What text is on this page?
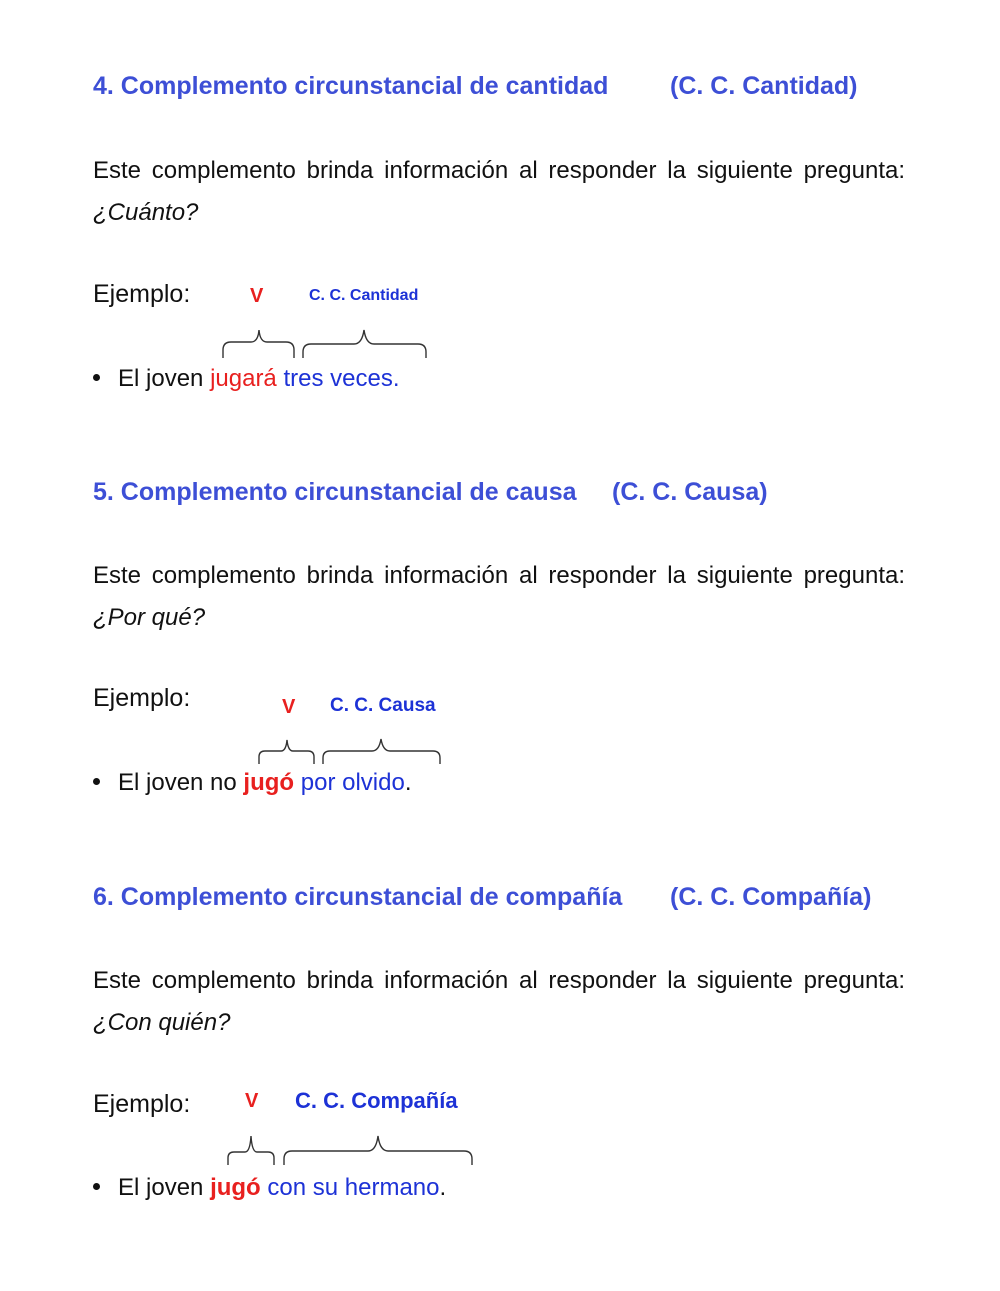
4. Complemento circunstancial de cantidad (C. C. Cantidad)
Este complemento brinda información al responder la siguiente pregunta: ¿Cuánto?
Ejemplo:	V	C. C. Cantidad
El joven jugará tres veces.
5. Complemento circunstancial de causa (C. C. Causa)
Este complemento brinda información al responder la siguiente pregunta: ¿Por qué?
Ejemplo:	V C. C. Causa
El joven no jugó por olvido.
6. Complemento circunstancial de compañía (C. C. Compañía)
Este complemento brinda información al responder la siguiente pregunta: ¿Con quién?
Ejemplo:	V C. C. Compañía
El joven jugó con su hermano.
